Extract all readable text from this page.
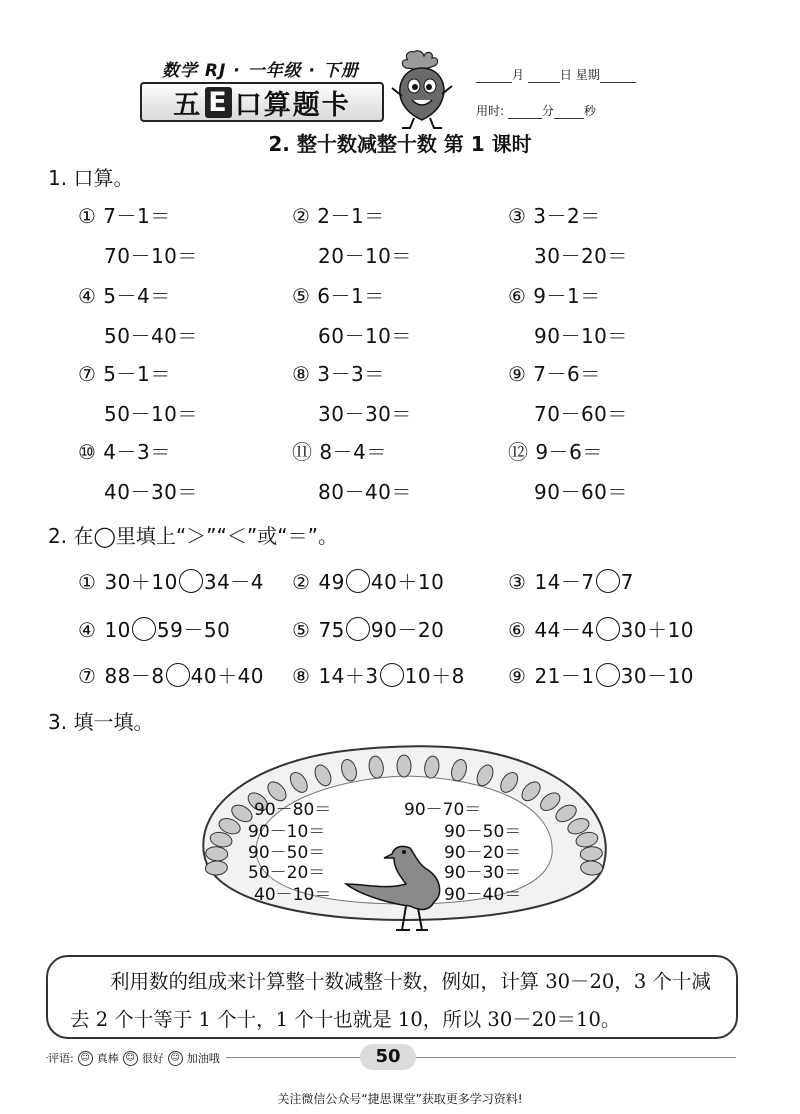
数学 RJ · 一年级 · 下册
五 E 口算题卡
月	日 星期
用时:	分	秒
2. 整十数减整十数 第 1 课时
1. 口算。
① 7－1＝
70－10＝
② 2－1＝
20－10＝
③ 3－2＝
30－20＝
④ 5－4＝
50－40＝
⑤ 6－1＝
60－10＝
⑥ 9－1＝
90－10＝
⑦ 5－1＝
50－10＝
⑧ 3－3＝
30－30＝
⑨ 7－6＝
70－60＝
⑩ 4－3＝
40－30＝
⑪ 8－4＝
80－40＝
⑫ 9－6＝
90－60＝
2. 在◯里填上“＞”“＜”或“＝”。
① 30＋10 34－4 ② 49 40＋10	③ 14－7 7
④ 10 59－50	⑤ 75 90－20	⑥ 44－4 30＋10
⑦ 88－8 40＋40 ⑧ 14＋3 10＋8 ⑨ 21－1 30－10
3. 填一填。
90－80＝	90－70＝
90－10＝	90－50＝
90－50＝	90－20＝
50－20＝	90－30＝
40－10＝	90－40＝
利用数的组成来计算整十数减整十数，例如，计算 30－20，3 个十减去 2 个十等于 1 个十，1 个十也就是 10，所以 30－20＝10。
评语: ☺ 真棒 ☺ 很好 ☺ 加油哦	50
关注微信公众号“捷思课堂”获取更多学习资料!
